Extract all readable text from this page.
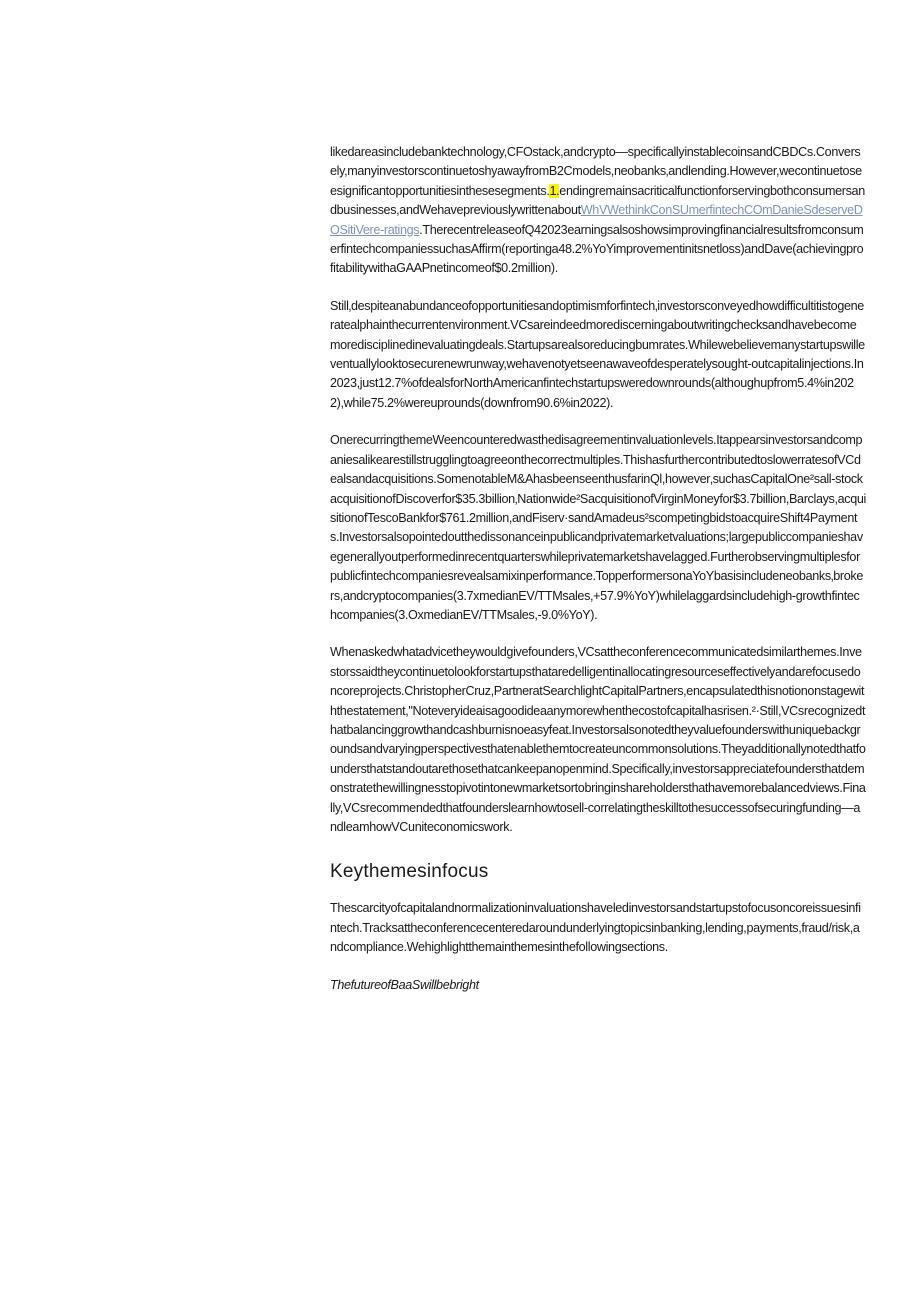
likedareasincludebanktechnology,CFOstack,andcrypto—specificallyinstablecoinsandCBDCs.Conversely,manyinvestorscontinuetoshyawayfromB2Cmodels,neobanks‚andlending.However,wecontinuetoseesignificantopportunitiesinthesesegments.1.endingremainsacriticalfunctionforservingbothconsumersandbusinesses,andWehavepreviouslywrittenaboutWhVWethinkConSUmerfintechCOmDanieSdeserveDOSitiVere-ratings.TherecentreleaseofQ42023earningsalsoshowsimprovingfinancialresultsfromconsumerfintechcompaniessuchasAffirm(reportinga48.2%YoYimprovementinitsnetloss)andDave(achievingprofitabilitywithaGAAPnetincomeof$0.2million).

Still‚despiteanabundanceofopportunitiesandoptimismforfintech‚investorsconveyedhowdifficultitistogeneratealphainthecurrentenvironment.VCsareindeedmorediscerningaboutwritingchecksandhavebecomemoredisciplinedinevaluatingdeals.Startupsarealsoreducingbumrates.Whilewebelievemanystartupswilleventuallylooktosecurenewrunway,wehavenotyetseenawaveofdesperatelysought-outcapitalinjections.In2023,just12.7%ofdealsforNorthAmericanfintechstartupsweredownrounds(althoughupfrom5.4%in2022),while75.2%wereuprounds(downfrom90.6%in2022).

OnerecurringthemeWeencounteredwasthedisagreementinvaluationlevels.Itappearsinvestorsandcompaniesalikearestillstrugglingtoagreeonthecorrectmultiples.ThishasfurthercontributedtoslowerratesofVCdealsandacquisitions.SomenotableM&AhasbeenseenthusfarinQl,however‚suchasCapitalOne²sall-stockacquisitionofDiscoverfor$35.3billion‚Nationwide²SacquisitionofVirginMoneyfor$3.7billion,Barclays,acquisitionofTescoBankfor$761.2million,andFiserv·sandAmadeus²scompetingbidstoacquireShift4Payments.Investorsalsopointedoutthedissonanceinpublicandprivatemarketvaluations;largepubliccompanieshavegenerallyoutperformedinrecentquarterswhileprivatemarketshavelagged.Furtherobservingmultiplesforpublicfintechcompaniesrevealsamixinperformance.TopperformersonaYoYbasisincludeneobanks‚brokers,andcryptocompanies(3.7xmedianEV/TTMsales,+57.9%YoY)whilelaggardsincludehigh-growthfintechcompanies(3.OxmedianEV/TTMsales,-9.0%YoY).

Whenaskedwhatadvicetheywouldgivefounders,VCsattheconferencecommunicatedsimilarthemes.Investorssaidtheycontinuetolookforstartupsthataredelligentinallocatingresourceseffectivelyandarefocusedoncoreprojects.ChristopherCruz,PartneratSearchlightCapitalPartners,encapsulatedthisnotiononstagewiththestatement,"Noteveryideaisagoodideaanymorewhenthecostofcapitalhasrisen.²·Still,VCsrecognizedthatbalancinggrowthandcashburnisnoeasyfeat.Investorsalsonotedtheyvaluefounderswithuniquebackgroundsandvaryingperspectivesthatenablethemtocreateuncommonsolutions.Theyadditionallynotedthatfoundersthatstandoutarethosethatcankeepanopenmind.Specifically,investorsappreciatefoundersthatdemonstratethewillingnesstopivotintonewmarketsortobringinshareholdersthathavemorebalancedviews.Finally,VCsrecommendedthatfounderslearnhowtosell-correlatingtheskilltothesuccessofsecuringfunding—andleamhowVCuniteconomicswork.

Keythemesinfocus

Thescarcityofcapitalandnormalizationinvaluationshaveledinvestorsandstartupstofocusoncoreissuesinfintech.Tracksattheconferencecenteredaroundunderlyingtopicsinbanking,lending,payments,fraud/risk,andcompliance.Wehighlightthemainthemesinthefollowingsections.

ThefutureofBaaSwillbebright
